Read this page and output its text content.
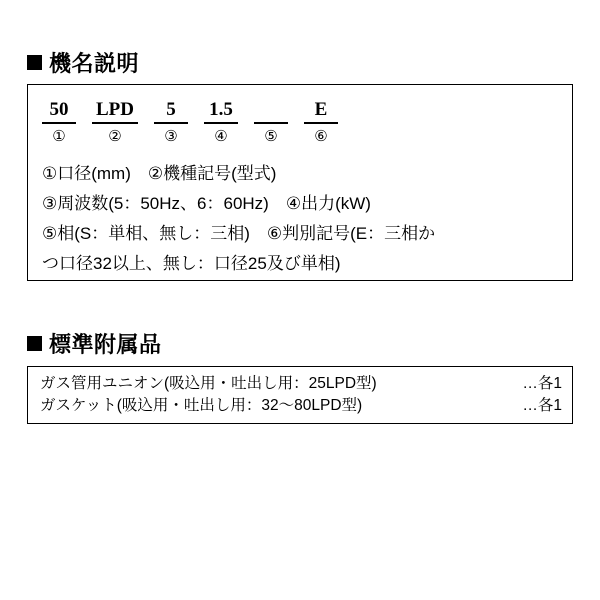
機名説明
50
①
LPD
②
5
③
1.5
④
⑤
E
⑥
①口径(mm)　②機種記号(型式)
③周波数(5：50Hz、6：60Hz)　④出力(kW)
⑤相(S：単相、無し：三相)　⑥判別記号(E：三相か
つ口径32以上、無し：口径25及び単相)
標準附属品
ガス管用ユニオン(吸込用・吐出し用：25LPD型)	…各1
ガスケット(吸込用・吐出し用：32〜80LPD型)	…各1
